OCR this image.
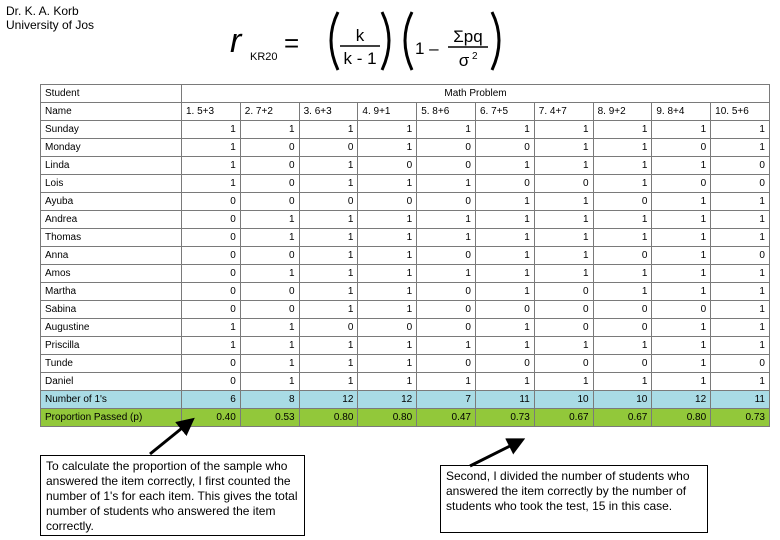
Dr. K. A. Korb
University of Jos	r KR20 =	k
k - 1
1 –
Σpq
σ 2
Student	Math Problem									
Name	1. 5+3	2. 7+2	3. 6+3	4. 9+1	5. 8+6	6. 7+5	7. 4+7	8. 9+2	9. 8+4	10. 5+6
Sunday	1	1	1	1	1	1	1	1	1	1
Monday	1	0	0	1	0	0	1	1	0	1
Linda	1	0	1	0	0	1	1	1	1	0
Lois	1	0	1	1	1	0	0	1	0	0
Ayuba	0	0	0	0	0	1	1	0	1	1
Andrea	0	1	1	1	1	1	1	1	1	1
Thomas	0	1	1	1	1	1	1	1	1	1
Anna	0	0	1	1	0	1	1	0	1	0
Amos	0	1	1	1	1	1	1	1	1	1
Martha	0	0	1	1	0	1	0	1	1	1
Sabina	0	0	1	1	0	0	0	0	0	1
Augustine	1	1	0	0	0	1	0	0	1	1
Priscilla	1	1	1	1	1	1	1	1	1	1
Tunde	0	1	1	1	0	0	0	0	1	0
Daniel	0	1	1	1	1	1	1	1	1	1
Number of 1's	6	8	12	12	7	11	10	10	12	11
Proportion Passed (p)	0.40	0.53	0.80	0.80	0.47	0.73	0.67	0.67	0.80	0.73
To calculate the proportion of the sample who answered the item correctly, I first counted the number of 1's for each item. This gives the total number of students who answered the item correctly.
Second, I divided the number of students who answered the item correctly by the number of students who took the test, 15 in this case.
